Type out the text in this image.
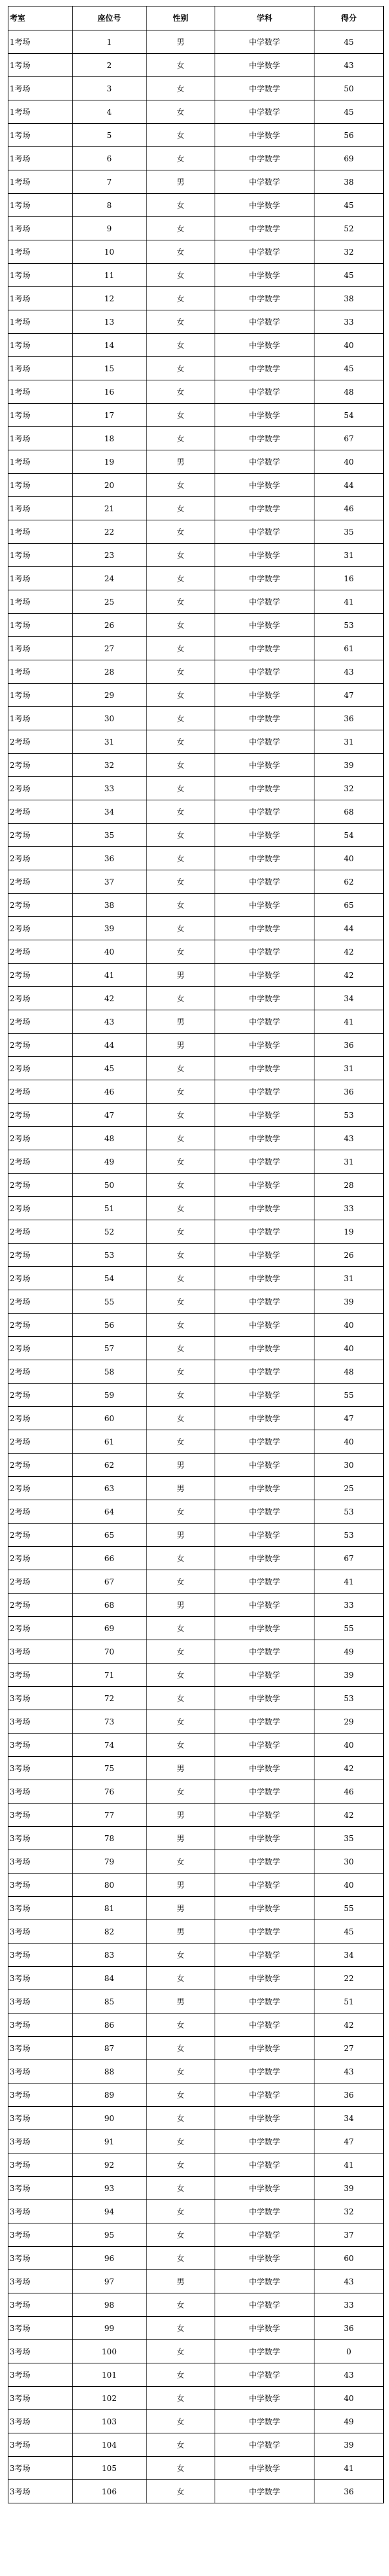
考室	座位号	性别	学科	得分
1考场	1	男	中学数学	45
1考场	2	女	中学数学	43
1考场	3	女	中学数学	50
1考场	4	女	中学数学	45
1考场	5	女	中学数学	56
1考场	6	女	中学数学	69
1考场	7	男	中学数学	38
1考场	8	女	中学数学	45
1考场	9	女	中学数学	52
1考场	10	女	中学数学	32
1考场	11	女	中学数学	45
1考场	12	女	中学数学	38
1考场	13	女	中学数学	33
1考场	14	女	中学数学	40
1考场	15	女	中学数学	45
1考场	16	女	中学数学	48
1考场	17	女	中学数学	54
1考场	18	女	中学数学	67
1考场	19	男	中学数学	40
1考场	20	女	中学数学	44
1考场	21	女	中学数学	46
1考场	22	女	中学数学	35
1考场	23	女	中学数学	31
1考场	24	女	中学数学	16
1考场	25	女	中学数学	41
1考场	26	女	中学数学	53
1考场	27	女	中学数学	61
1考场	28	女	中学数学	43
1考场	29	女	中学数学	47
1考场	30	女	中学数学	36
2考场	31	女	中学数学	31
2考场	32	女	中学数学	39
2考场	33	女	中学数学	32
2考场	34	女	中学数学	68
2考场	35	女	中学数学	54
2考场	36	女	中学数学	40
2考场	37	女	中学数学	62
2考场	38	女	中学数学	65
2考场	39	女	中学数学	44
2考场	40	女	中学数学	42
2考场	41	男	中学数学	42
2考场	42	女	中学数学	34
2考场	43	男	中学数学	41
2考场	44	男	中学数学	36
2考场	45	女	中学数学	31
2考场	46	女	中学数学	36
2考场	47	女	中学数学	53
2考场	48	女	中学数学	43
2考场	49	女	中学数学	31
2考场	50	女	中学数学	28
2考场	51	女	中学数学	33
2考场	52	女	中学数学	19
2考场	53	女	中学数学	26
2考场	54	女	中学数学	31
2考场	55	女	中学数学	39
2考场	56	女	中学数学	40
2考场	57	女	中学数学	40
2考场	58	女	中学数学	48
2考场	59	女	中学数学	55
2考场	60	女	中学数学	47
2考场	61	女	中学数学	40
2考场	62	男	中学数学	30
2考场	63	男	中学数学	25
2考场	64	女	中学数学	53
2考场	65	男	中学数学	53
2考场	66	女	中学数学	67
2考场	67	女	中学数学	41
2考场	68	男	中学数学	33
2考场	69	女	中学数学	55
3考场	70	女	中学数学	49
3考场	71	女	中学数学	39
3考场	72	女	中学数学	53
3考场	73	女	中学数学	29
3考场	74	女	中学数学	40
3考场	75	男	中学数学	42
3考场	76	女	中学数学	46
3考场	77	男	中学数学	42
3考场	78	男	中学数学	35
3考场	79	女	中学数学	30
3考场	80	男	中学数学	40
3考场	81	男	中学数学	55
3考场	82	男	中学数学	45
3考场	83	女	中学数学	34
3考场	84	女	中学数学	22
3考场	85	男	中学数学	51
3考场	86	女	中学数学	42
3考场	87	女	中学数学	27
3考场	88	女	中学数学	43
3考场	89	女	中学数学	36
3考场	90	女	中学数学	34
3考场	91	女	中学数学	47
3考场	92	女	中学数学	41
3考场	93	女	中学数学	39
3考场	94	女	中学数学	32
3考场	95	女	中学数学	37
3考场	96	女	中学数学	60
3考场	97	男	中学数学	43
3考场	98	女	中学数学	33
3考场	99	女	中学数学	36
3考场	100	女	中学数学	0
3考场	101	女	中学数学	43
3考场	102	女	中学数学	40
3考场	103	女	中学数学	49
3考场	104	女	中学数学	39
3考场	105	女	中学数学	41
3考场	106	女	中学数学	36
